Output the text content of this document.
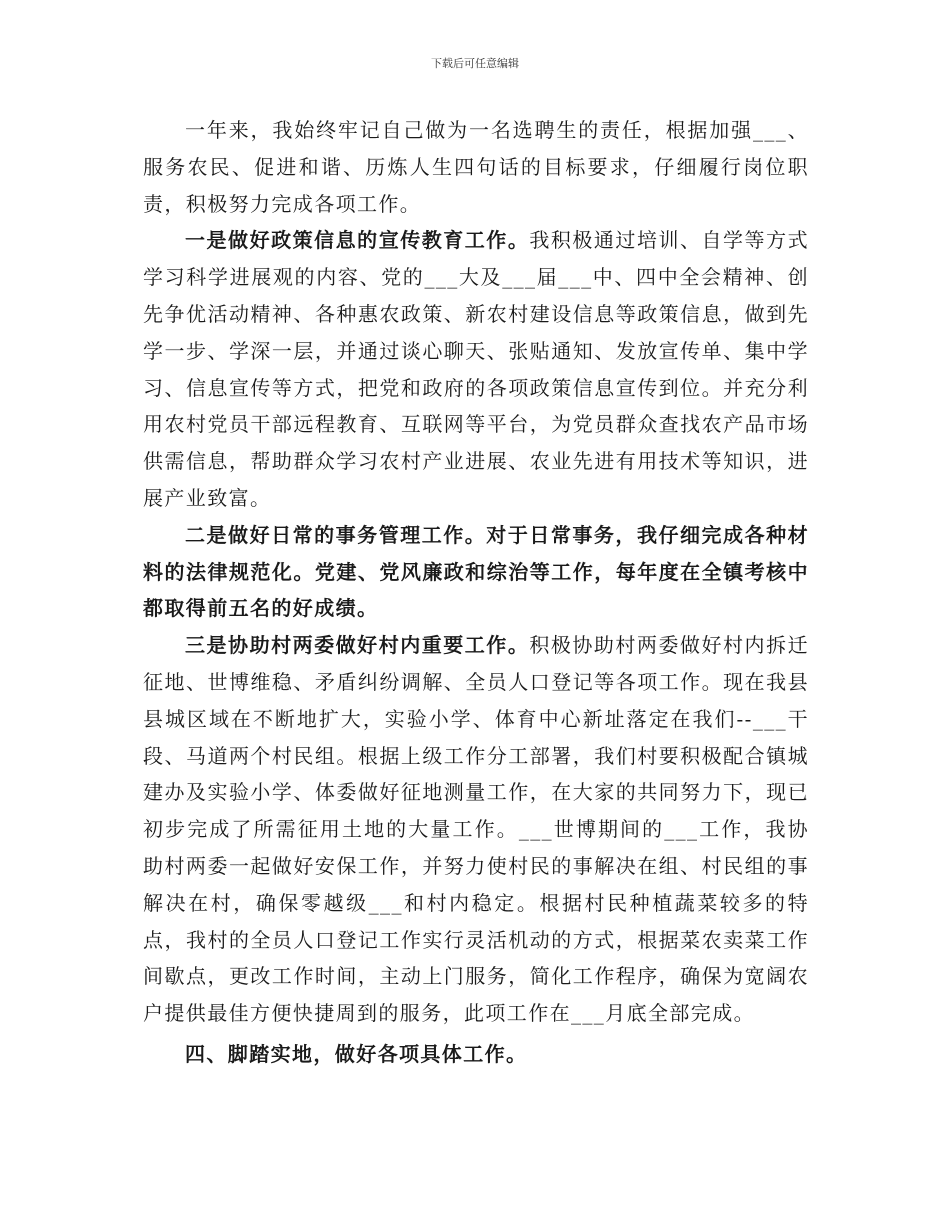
下载后可任意编辑

一年来，我始终牢记自己做为一名选聘生的责任，根据加强___、服务农民、促进和谐、历炼人生四句话的目标要求，仔细履行岗位职责，积极努力完成各项工作。

一是做好政策信息的宣传教育工作。我积极通过培训、自学等方式学习科学进展观的内容、党的___大及___届___中、四中全会精神、创先争优活动精神、各种惠农政策、新农村建设信息等政策信息，做到先学一步、学深一层，并通过谈心聊天、张贴通知、发放宣传单、集中学习、信息宣传等方式，把党和政府的各项政策信息宣传到位。并充分利用农村党员干部远程教育、互联网等平台，为党员群众查找农产品市场供需信息，帮助群众学习农村产业进展、农业先进有用技术等知识，进展产业致富。

二是做好日常的事务管理工作。对于日常事务，我仔细完成各种材料的法律规范化。党建、党风廉政和综治等工作，每年度在全镇考核中都取得前五名的好成绩。

三是协助村两委做好村内重要工作。积极协助村两委做好村内拆迁征地、世博维稳、矛盾纠纷调解、全员人口登记等各项工作。现在我县县城区域在不断地扩大，实验小学、体育中心新址落定在我们--___干段、马道两个村民组。根据上级工作分工部署，我们村要积极配合镇城建办及实验小学、体委做好征地测量工作，在大家的共同努力下，现已初步完成了所需征用土地的大量工作。___世博期间的___工作，我协助村两委一起做好安保工作，并努力使村民的事解决在组、村民组的事解决在村，确保零越级___和村内稳定。根据村民种植蔬菜较多的特点，我村的全员人口登记工作实行灵活机动的方式，根据菜农卖菜工作间歇点，更改工作时间，主动上门服务，简化工作程序，确保为宽阔农户提供最佳方便快捷周到的服务，此项工作在___月底全部完成。

四、脚踏实地，做好各项具体工作。
